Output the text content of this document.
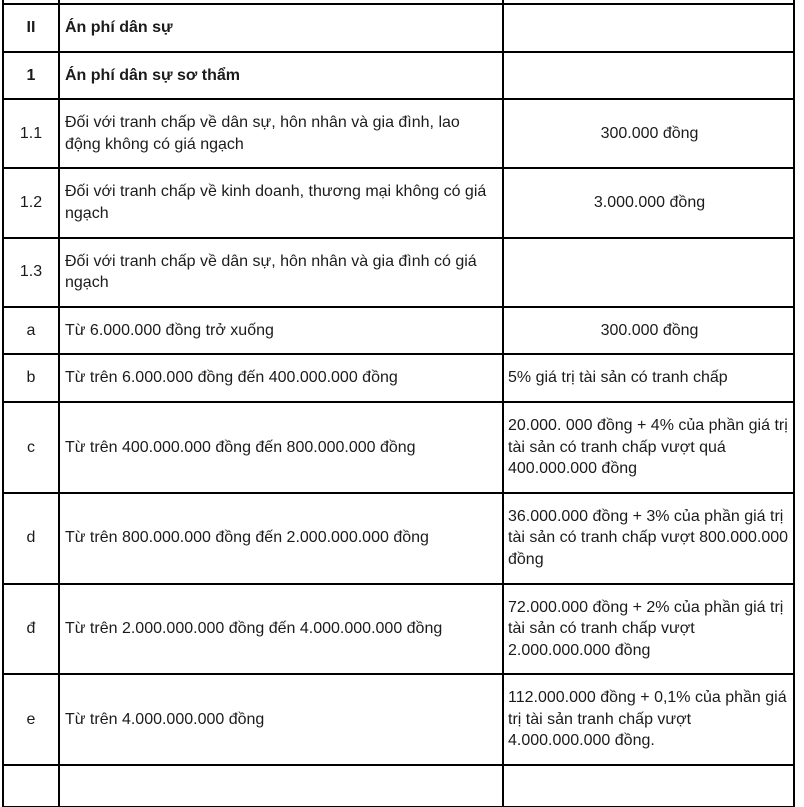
II	Án phí dân sự	
1	Án phí dân sự sơ thẩm	
1.1	Đối với tranh chấp về dân sự, hôn nhân và gia đình, lao động không có giá ngạch	300.000 đồng
1.2	Đối với tranh chấp về kinh doanh, thương mại không có giá ngạch	3.000.000 đồng
1.3	Đối với tranh chấp về dân sự, hôn nhân và gia đình có giá ngạch	
a	Từ 6.000.000 đồng trở xuống	300.000 đồng
b	Từ trên 6.000.000 đồng đến 400.000.000 đồng	5% giá trị tài sản có tranh chấp
c	Từ trên 400.000.000 đồng đến 800.000.000 đồng	20.000. 000 đồng + 4% của phần giá trị tài sản có tranh chấp vượt quá 400.000.000 đồng
d	Từ trên 800.000.000 đồng đến 2.000.000.000 đồng	36.000.000 đồng + 3% của phần giá trị tài sản có tranh chấp vượt 800.000.000 đồng
đ	Từ trên 2.000.000.000 đồng đến 4.000.000.000 đồng	72.000.000 đồng + 2% của phần giá trị tài sản có tranh chấp vượt 2.000.000.000 đồng
e	Từ trên 4.000.000.000 đồng	112.000.000 đồng + 0,1% của phần giá trị tài sản tranh chấp vượt 4.000.000.000 đồng.
